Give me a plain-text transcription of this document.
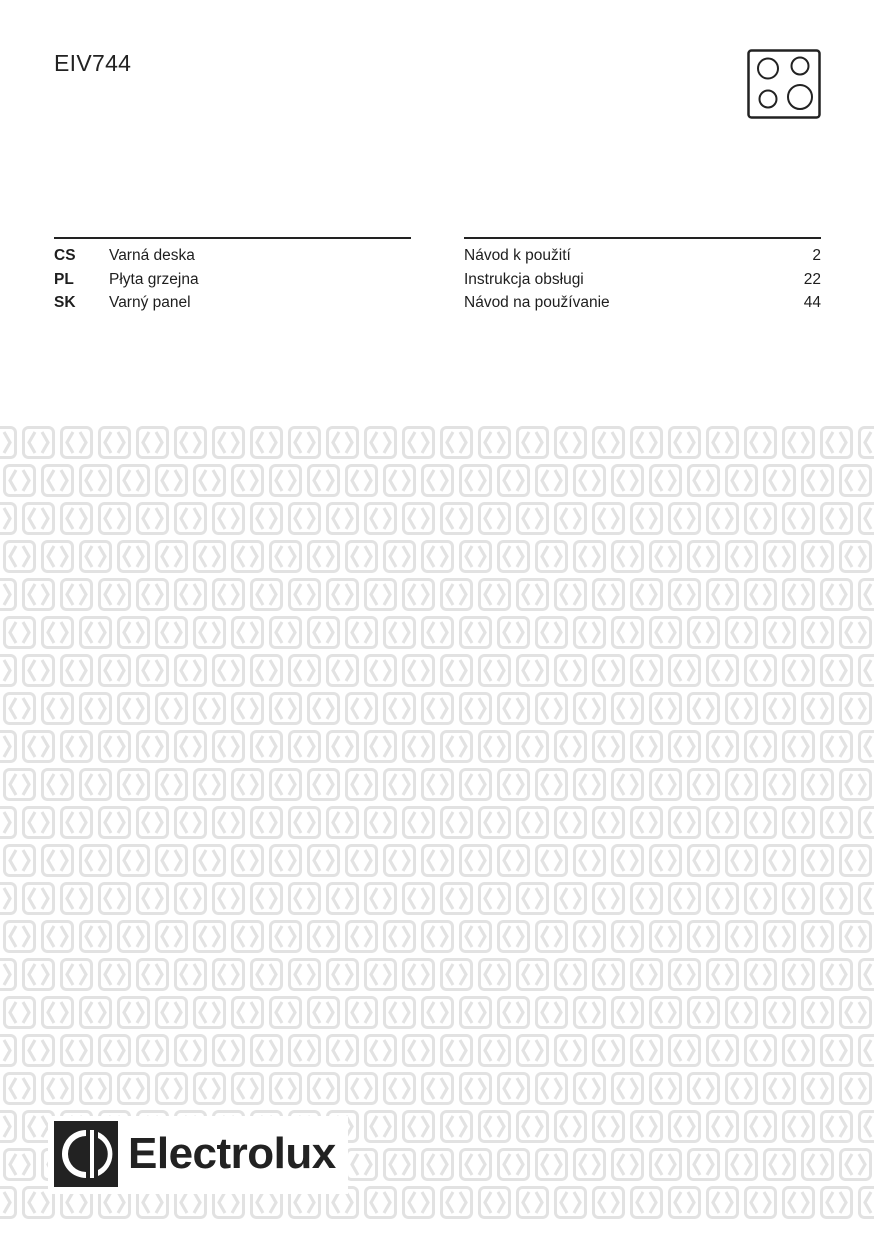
EIV744
CS Varná deska
PL Płyta grzejna
SK Varný panel
Návod k použití	2
Instrukcja obsługi	22
Návod na používanie	44
Electrolux
